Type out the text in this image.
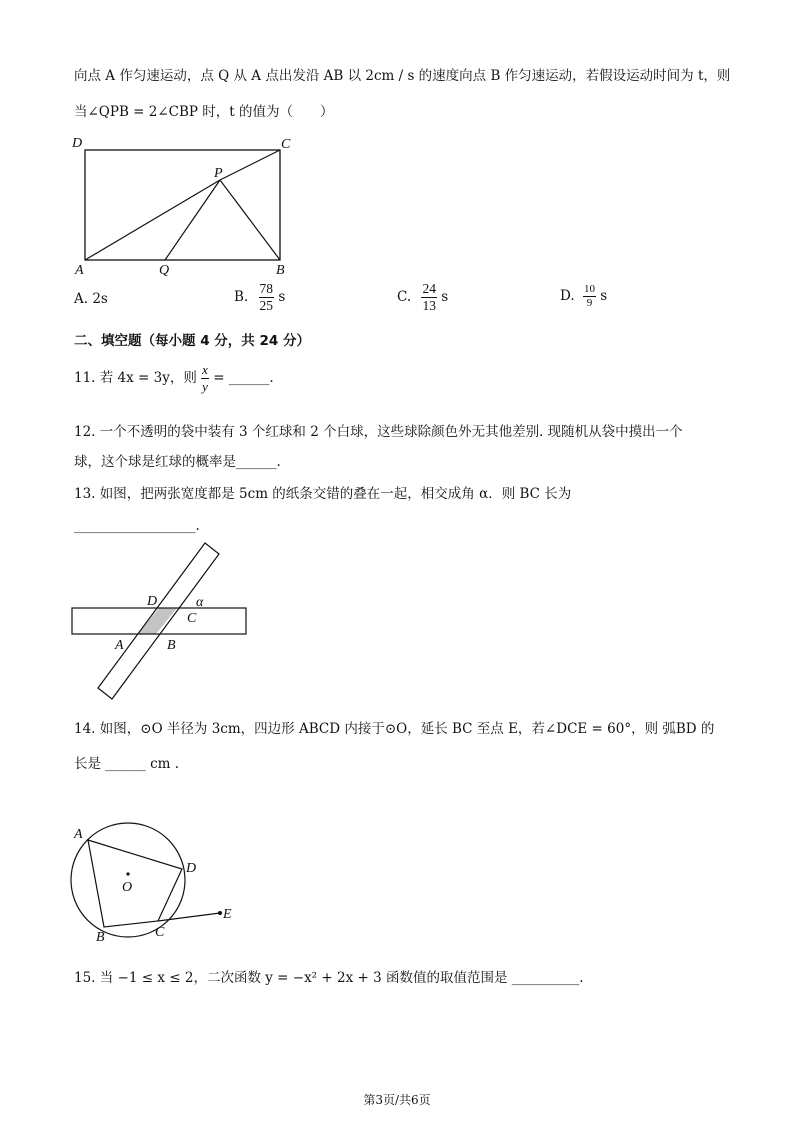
向点 A 作匀速运动，点 Q 从 A 点出发沿 AB 以 2cm / s 的速度向点 B 作匀速运动，若假设运动时间为 t，则
当∠QPB = 2∠CBP 时，t 的值为（　　）
D	C
P
A	Q	B
A. 2s	B. $\frac{78}{25}$ s	C. $\frac{24}{13}$ s	D. $\frac{10}{9}$ s
二、填空题（每小题 4 分，共 24 分）
11. 若 4x = 3y，则 $\frac{x}{y}$ = ______.
12. 一个不透明的袋中装有 3 个红球和 2 个白球，这些球除颜色外无其他差别. 现随机从袋中摸出一个
球，这个球是红球的概率是______.
13. 如图，把两张宽度都是 5cm 的纸条交错的叠在一起，相交成角 α．则 BC 长为
__________________.
D	α
C
A	B
14. 如图，⊙O 半径为 3cm，四边形 ABCD 内接于⊙O，延长 BC 至点 E，若∠DCE = 60°，则 弧BD 的
长是 ______ cm .
A
D
O
B	C
E
15. 当 −1 ≤ x ≤ 2，二次函数 y = −x² + 2x + 3 函数值的取值范围是 __________.
第3页/共6页
